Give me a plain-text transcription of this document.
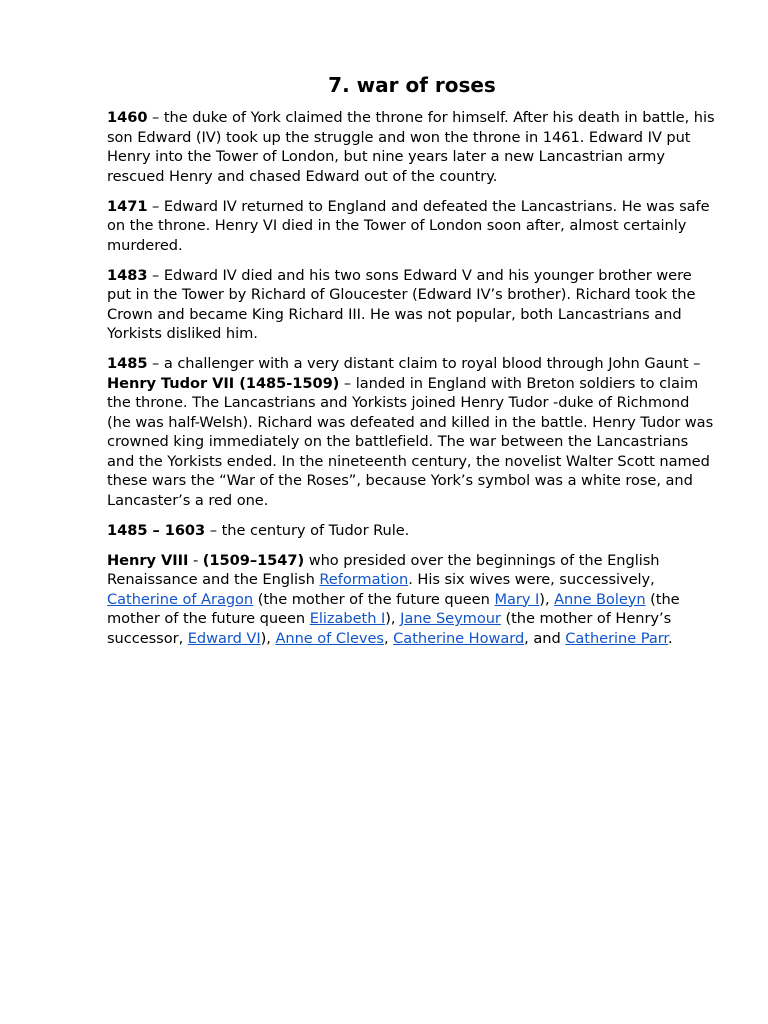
7. war of roses

1460 – the duke of York claimed the throne for himself. After his death in battle, his son Edward (IV) took up the struggle and won the throne in 1461. Edward IV put Henry into the Tower of London, but nine years later a new Lancastrian army rescued Henry and chased Edward out of the country.

1471 – Edward IV returned to England and defeated the Lancastrians. He was safe on the throne. Henry VI died in the Tower of London soon after, almost certainly murdered.

1483 – Edward IV died and his two sons Edward V and his younger brother were put in the Tower by Richard of Gloucester (Edward IV’s brother). Richard took the Crown and became King Richard III. He was not popular, both Lancastrians and Yorkists disliked him.

1485 – a challenger with a very distant claim to royal blood through John Gaunt – Henry Tudor VII (1485-1509) – landed in England with Breton soldiers to claim the throne. The Lancastrians and Yorkists joined Henry Tudor -duke of Richmond (he was half-Welsh). Richard was defeated and killed in the battle. Henry Tudor was crowned king immediately on the battlefield. The war between the Lancastrians and the Yorkists ended. In the nineteenth century, the novelist Walter Scott named these wars the “War of the Roses”, because York’s symbol was a white rose, and Lancaster’s a red one.

1485 – 1603 – the century of Tudor Rule.

Henry VIII - (1509–1547) who presided over the beginnings of the English Renaissance and the English Reformation. His six wives were, successively, Catherine of Aragon (the mother of the future queen Mary I), Anne Boleyn (the mother of the future queen Elizabeth I), Jane Seymour (the mother of Henry’s successor, Edward VI), Anne of Cleves, Catherine Howard, and Catherine Parr.
